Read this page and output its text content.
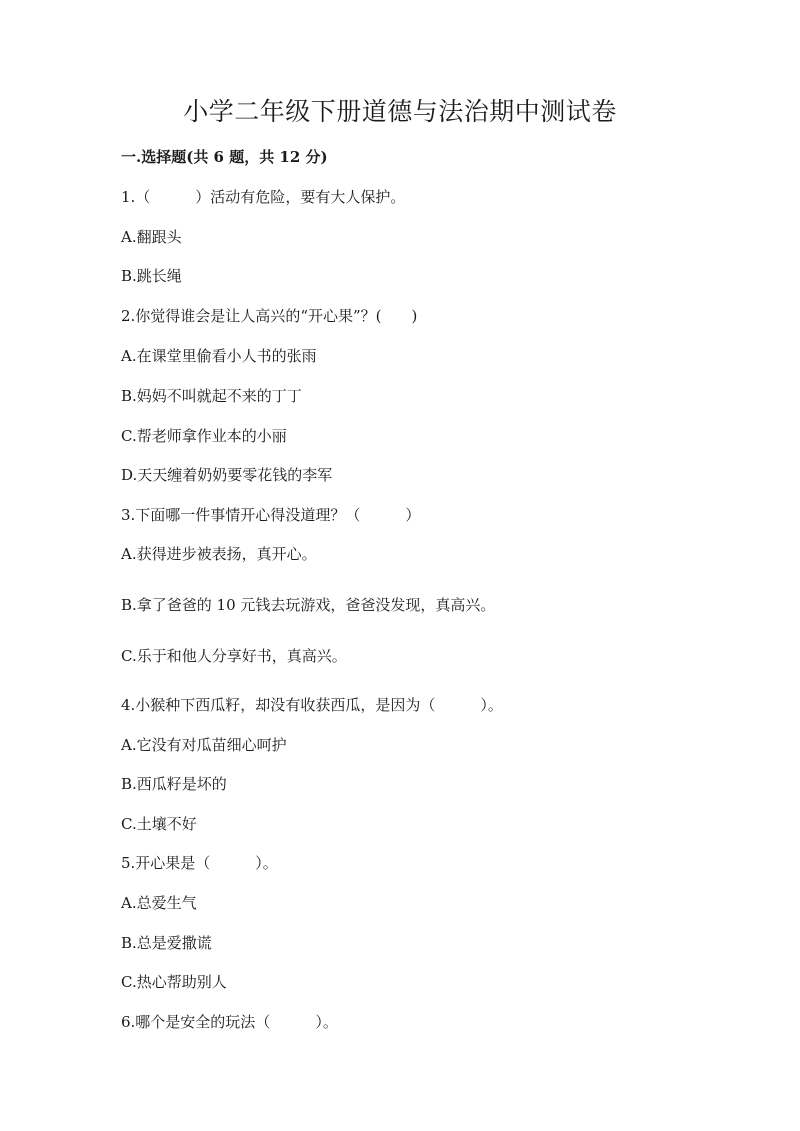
小学二年级下册道德与法治期中测试卷
一.选择题(共 6 题，共 12 分)
1.（　　　）活动有危险，要有大人保护。
A.翻跟头
B.跳长绳
2.你觉得谁会是让人高兴的“开心果”？(　　)
A.在课堂里偷看小人书的张雨
B.妈妈不叫就起不来的丁丁
C.帮老师拿作业本的小丽
D.天天缠着奶奶要零花钱的李军
3.下面哪一件事情开心得没道理？（　　　）
A.获得进步被表扬，真开心。
B.拿了爸爸的 10 元钱去玩游戏，爸爸没发现，真高兴。
C.乐于和他人分享好书，真高兴。
4.小猴种下西瓜籽，却没有收获西瓜，是因为（　　　）。
A.它没有对瓜苗细心呵护
B.西瓜籽是坏的
C.土壤不好
5.开心果是（　　　）。
A.总爱生气
B.总是爱撒谎
C.热心帮助别人
6.哪个是安全的玩法（　　　）。
